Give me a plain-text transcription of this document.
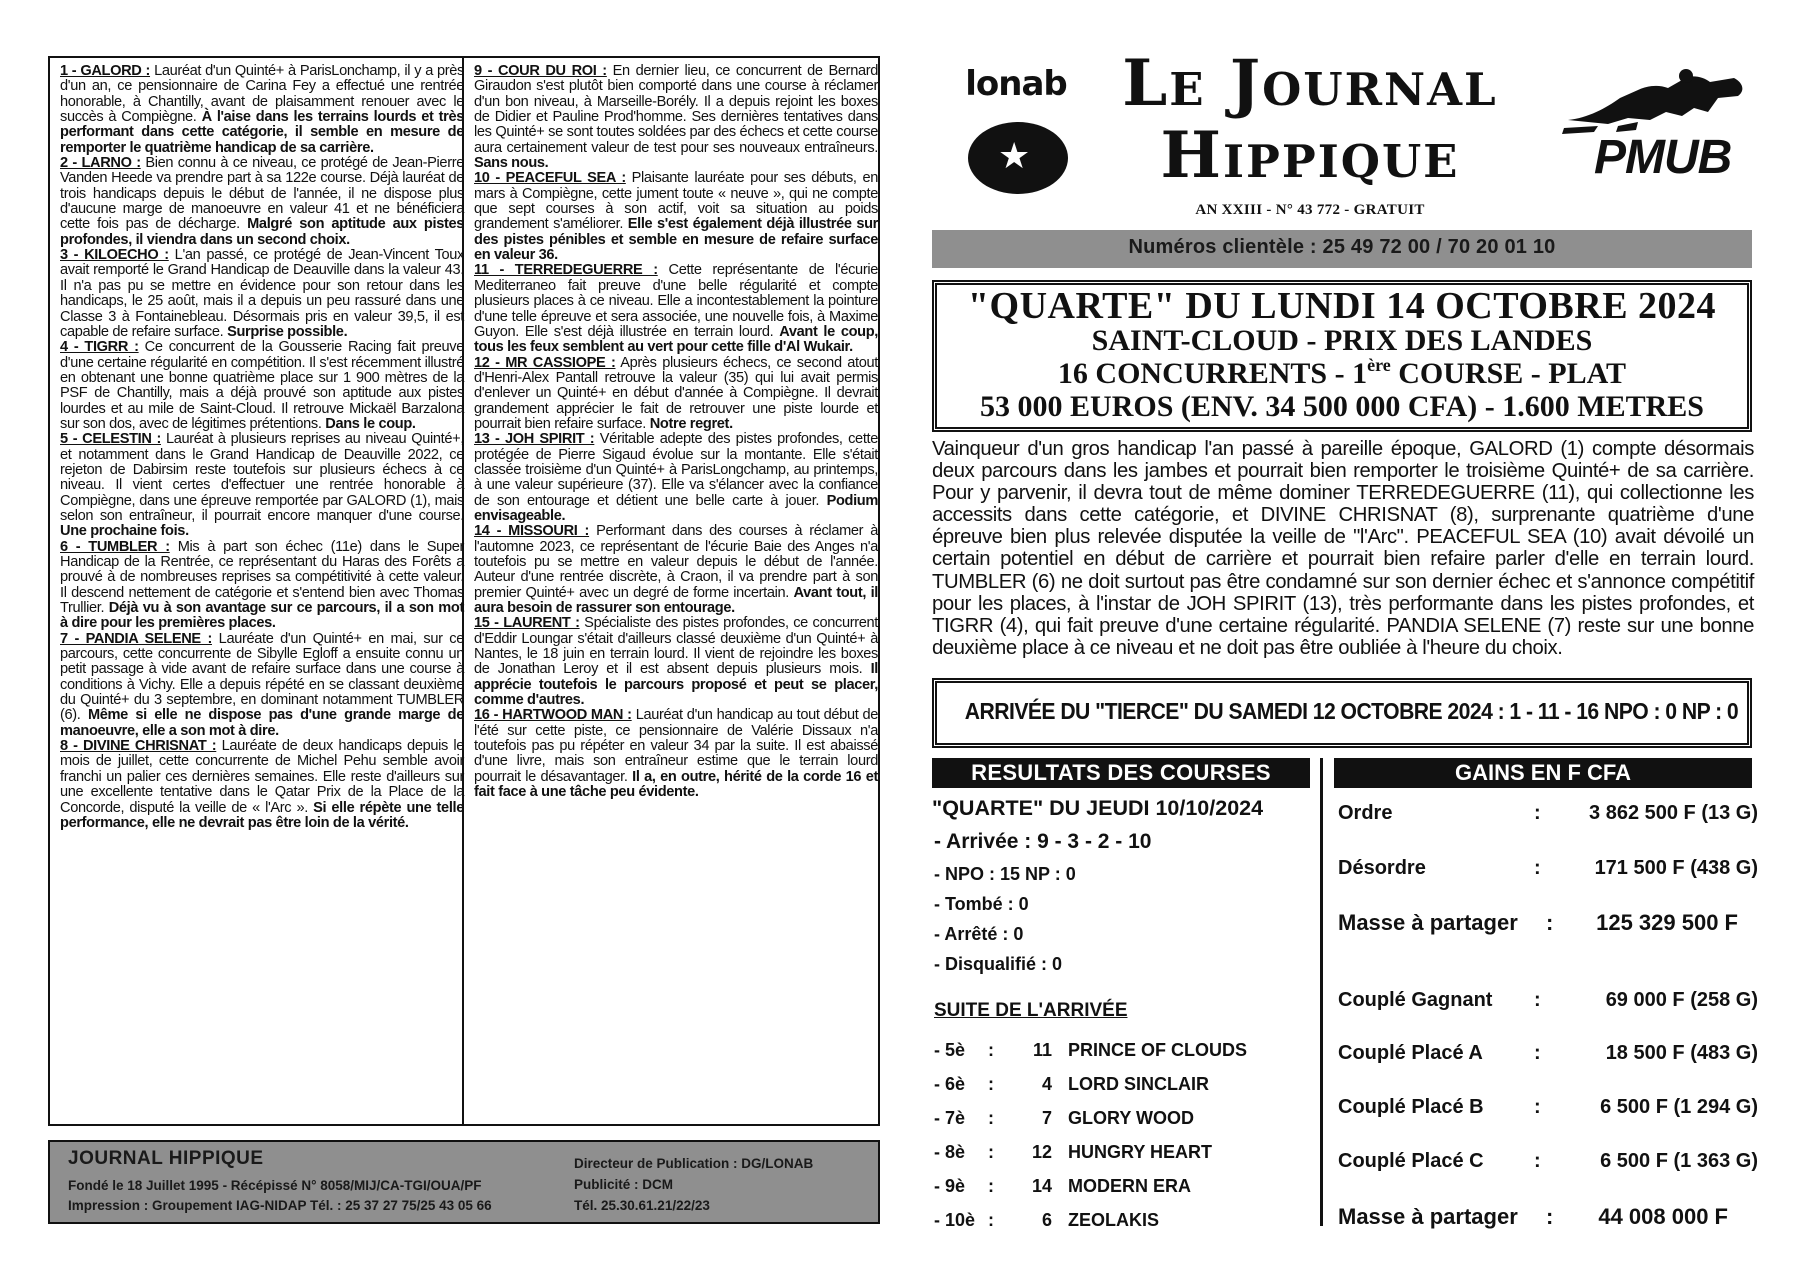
1 - GALORD : Lauréat d'un Quinté+ à ParisLonchamp, il y a près d'un an, ce pensionnaire de Carina Fey a effectué une rentrée honorable, à Chantilly, avant de plaisamment renouer avec le succès à Compiègne. À l'aise dans les terrains lourds et très performant dans cette catégorie, il semble en mesure de remporter le quatrième handicap de sa carrière.

2 - LARNO : Bien connu à ce niveau, ce protégé de Jean-Pierre Vanden Heede va prendre part à sa 122e course. Déjà lauréat de trois handicaps depuis le début de l'année, il ne dispose plus d'aucune marge de manoeuvre en valeur 41 et ne bénéficiera cette fois pas de décharge. Malgré son aptitude aux pistes profondes, il viendra dans un second choix.

3 - KILOECHO : L'an passé, ce protégé de Jean-Vincent Toux avait remporté le Grand Handicap de Deauville dans la valeur 43. Il n'a pas pu se mettre en évidence pour son retour dans les handicaps, le 25 août, mais il a depuis un peu rassuré dans une Classe 3 à Fontainebleau. Désormais pris en valeur 39,5, il est capable de refaire surface. Surprise possible.

4 - TIGRR : Ce concurrent de la Gousserie Racing fait preuve d'une certaine régularité en compétition. Il s'est récemment illustré en obtenant une bonne quatrième place sur 1 900 mètres de la PSF de Chantilly, mais a déjà prouvé son aptitude aux pistes lourdes et au mile de Saint-Cloud. Il retrouve Mickaël Barzalona sur son dos, avec de légitimes prétentions. Dans le coup.

5 - CELESTIN : Lauréat à plusieurs reprises au niveau Quinté+, et notamment dans le Grand Handicap de Deauville 2022, ce rejeton de Dabirsim reste toutefois sur plusieurs échecs à ce niveau. Il vient certes d'effectuer une rentrée honorable à Compiègne, dans une épreuve remportée par GALORD (1), mais selon son entraîneur, il pourrait encore manquer d'une course. Une prochaine fois.

6 - TUMBLER : Mis à part son échec (11e) dans le Super Handicap de la Rentrée, ce représentant du Haras des Forêts a prouvé à de nombreuses reprises sa compétitivité à cette valeur. Il descend nettement de catégorie et s'entend bien avec Thomas Trullier. Déjà vu à son avantage sur ce parcours, il a son mot à dire pour les premières places.

7 - PANDIA SELENE : Lauréate d'un Quinté+ en mai, sur ce parcours, cette concurrente de Sibylle Egloff a ensuite connu un petit passage à vide avant de refaire surface dans une course à conditions à Vichy. Elle a depuis répété en se classant deuxième du Quinté+ du 3 septembre, en dominant notamment TUMBLER (6). Même si elle ne dispose pas d'une grande marge de manoeuvre, elle a son mot à dire.

8 - DIVINE CHRISNAT : Lauréate de deux handicaps depuis le mois de juillet, cette concurrente de Michel Pehu semble avoir franchi un palier ces dernières semaines. Elle reste d'ailleurs sur une excellente tentative dans le Qatar Prix de la Place de la Concorde, disputé la veille de « l'Arc ». Si elle répète une telle performance, elle ne devrait pas être loin de la vérité.

9 - COUR DU ROI : En dernier lieu, ce concurrent de Bernard Giraudon s'est plutôt bien comporté dans une course à réclamer d'un bon niveau, à Marseille-Borély. Il a depuis rejoint les boxes de Didier et Pauline Prod'homme. Ses dernières tentatives dans les Quinté+ se sont toutes soldées par des échecs et cette course aura certainement valeur de test pour ses nouveaux entraîneurs. Sans nous.

10 - PEACEFUL SEA : Plaisante lauréate pour ses débuts, en mars à Compiègne, cette jument toute « neuve », qui ne compte que sept courses à son actif, voit sa situation au poids grandement s'améliorer. Elle s'est également déjà illustrée sur des pistes pénibles et semble en mesure de refaire surface en valeur 36.

11 - TERREDEGUERRE : Cette représentante de l'écurie Mediterraneo fait preuve d'une belle régularité et compte plusieurs places à ce niveau. Elle a incontestablement la pointure d'une telle épreuve et sera associée, une nouvelle fois, à Maxime Guyon. Elle s'est déjà illustrée en terrain lourd. Avant le coup, tous les feux semblent au vert pour cette fille d'Al Wukair.

12 - MR CASSIOPE : Après plusieurs échecs, ce second atout d'Henri-Alex Pantall retrouve la valeur (35) qui lui avait permis d'enlever un Quinté+ en début d'année à Compiègne. Il devrait grandement apprécier le fait de retrouver une piste lourde et pourrait bien refaire surface. Notre regret.

13 - JOH SPIRIT : Véritable adepte des pistes profondes, cette protégée de Pierre Sigaud évolue sur la montante. Elle s'était classée troisième d'un Quinté+ à ParisLongchamp, au printemps, à une valeur supérieure (37). Elle va s'élancer avec la confiance de son entourage et détient une belle carte à jouer. Podium envisageable.

14 - MISSOURI : Performant dans des courses à réclamer à l'automne 2023, ce représentant de l'écurie Baie des Anges n'a toutefois pu se mettre en valeur depuis le début de l'année. Auteur d'une rentrée discrète, à Craon, il va prendre part à son premier Quinté+ avec un degré de forme incertain. Avant tout, il aura besoin de rassurer son entourage.

15 - LAURENT : Spécialiste des pistes profondes, ce concurrent d'Eddir Loungar s'était d'ailleurs classé deuxième d'un Quinté+ à Nantes, le 18 juin en terrain lourd. Il vient de rejoindre les boxes de Jonathan Leroy et il est absent depuis plusieurs mois. Il apprécie toutefois le parcours proposé et peut se placer, comme d'autres.

16 - HARTWOOD MAN : Lauréat d'un handicap au tout début de l'été sur cette piste, ce pensionnaire de Valérie Dissaux n'a toutefois pas pu répéter en valeur 34 par la suite. Il est abaissé d'une livre, mais son entraîneur estime que le terrain lourd pourrait le désavantager. Il a, en outre, hérité de la corde 16 et fait face à une tâche peu évidente.

JOURNAL HIPPIQUE
Fondé le 18 Juillet 1995 - Récépissé N° 8058/MIJ/CA-TGI/OUA/PF
Impression : Groupement IAG-NIDAP Tél. : 25 37 27 75/25 43 05 66
Directeur de Publication : DG/LONAB
Publicité : DCM
Tél. 25.30.61.21/22/23
lonab
★
Le Journal
Hippique	PMUB
AN XXIII - N° 43 772 - GRATUIT
Numéros clientèle : 25 49 72 00 / 70 20 01 10
"QUARTE" DU LUNDI 14 OCTOBRE 2024
SAINT-CLOUD - PRIX DES LANDES
16 CONCURRENTS - 1ère COURSE - PLAT
53 000 EUROS (ENV. 34 500 000 CFA) - 1.600 METRES
Vainqueur d'un gros handicap l'an passé à pareille époque, GALORD (1) compte désormais deux parcours dans les jambes et pourrait bien remporter le troisième Quinté+ de sa carrière. Pour y parvenir, il devra tout de même dominer TERREDEGUERRE (11), qui collectionne les accessits dans cette catégorie, et DIVINE CHRISNAT (8), surprenante quatrième d'une épreuve bien plus relevée disputée la veille de "l'Arc". PEACEFUL SEA (10) avait dévoilé un certain potentiel en début de carrière et pourrait bien refaire parler d'elle en terrain lourd. TUMBLER (6) ne doit surtout pas être condamné sur son dernier échec et s'annonce compétitif pour les places, à l'instar de JOH SPIRIT (13), très performante dans les pistes profondes, et TIGRR (4), qui fait preuve d'une certaine régularité. PANDIA SELENE (7) reste sur une bonne deuxième place à ce niveau et ne doit pas être oubliée à l'heure du choix.
ARRIVÉE DU "TIERCE" DU SAMEDI 12 OCTOBRE 2024 : 1 - 11 - 16 NPO : 0 NP : 0
RESULTATS DES COURSES	GAINS EN F CFA
"QUARTE" DU JEUDI 10/10/2024
- Arrivée : 9 - 3 - 2 - 10
- NPO : 15 NP : 0
- Tombé : 0
- Arrêté : 0
- Disqualifié : 0
SUITE DE L'ARRIVÉE
- 5è :	11 PRINCE OF CLOUDS
- 6è :	4 LORD SINCLAIR
- 7è :	7 GLORY WOOD
- 8è :	12 HUNGRY HEART
- 9è :	14 MODERN ERA
- 10è :	6 ZEOLAKIS
Ordre	: 3 862 500 F (13 G)
Désordre	:	171 500 F (438 G)
Masse à partager : 125 329 500 F
Couplé Gagnant :	69 000 F (258 G)
Couplé Placé A	:	18 500 F (483 G)
Couplé Placé B	:	6 500 F (1 294 G)
Couplé Placé C	:	6 500 F (1 363 G)
Masse à partager : 44 008 000 F
